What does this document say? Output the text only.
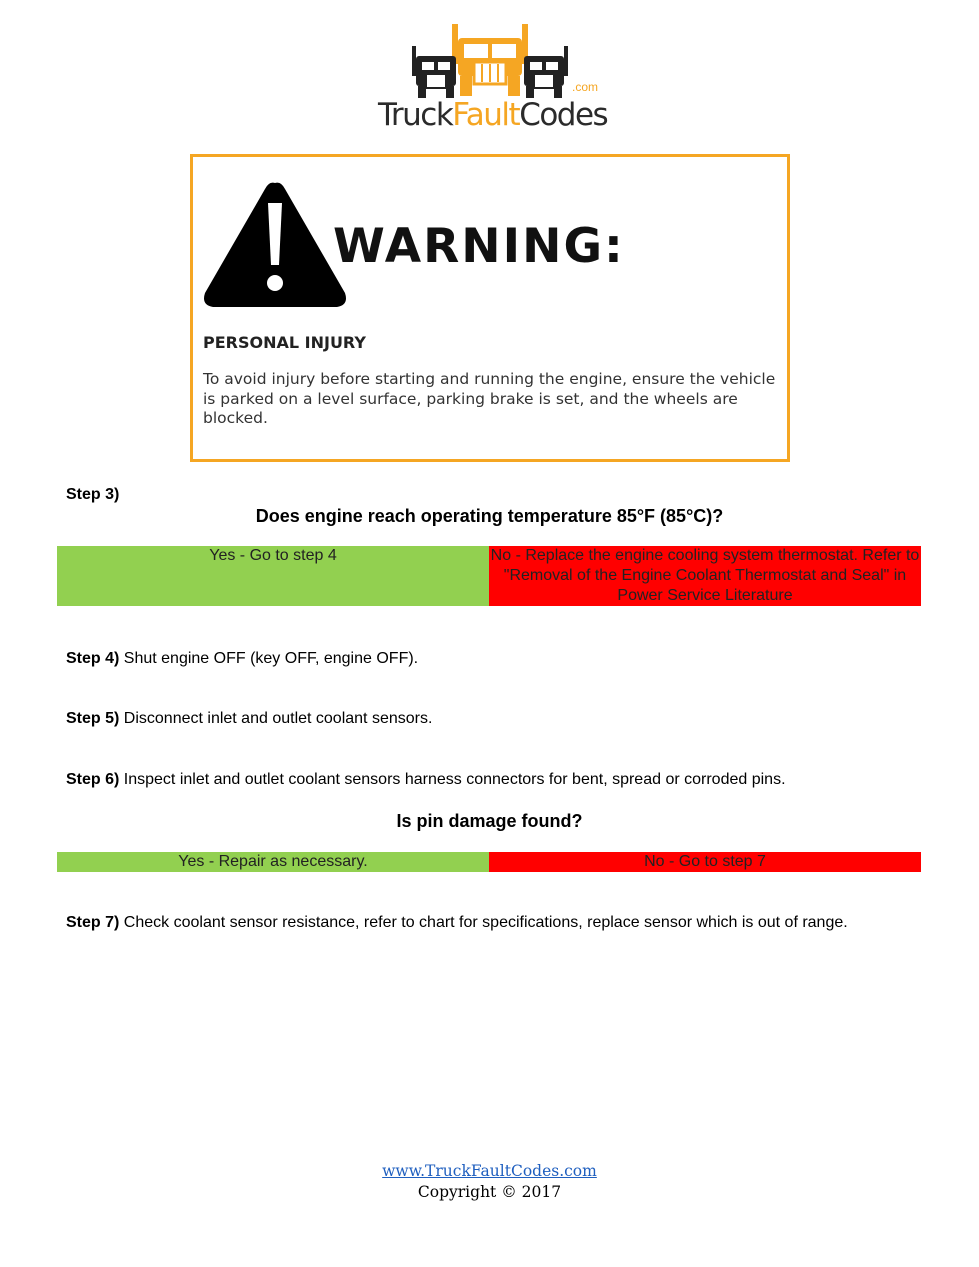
TruckFaultCodes
.com
WARNING:
PERSONAL INJURY
To avoid injury before starting and running the engine, ensure the vehicle is parked on a level surface, parking brake is set, and the wheels are blocked.
Step 3)
Does engine reach operating temperature 85°F (85°C)?
Yes - Go to step 4	No - Replace the engine cooling system thermostat. Refer to "Removal of the Engine Coolant Thermostat and Seal" in Power Service Literature
Step 4) Shut engine OFF (key OFF, engine OFF).
Step 5) Disconnect inlet and outlet coolant sensors.
Step 6) Inspect inlet and outlet coolant sensors harness connectors for bent, spread or corroded pins.
Is pin damage found?
Yes - Repair as necessary.	No - Go to step 7
Step 7) Check coolant sensor resistance, refer to chart for specifications, replace sensor which is out of range.
www.TruckFaultCodes.com
Copyright © 2017
